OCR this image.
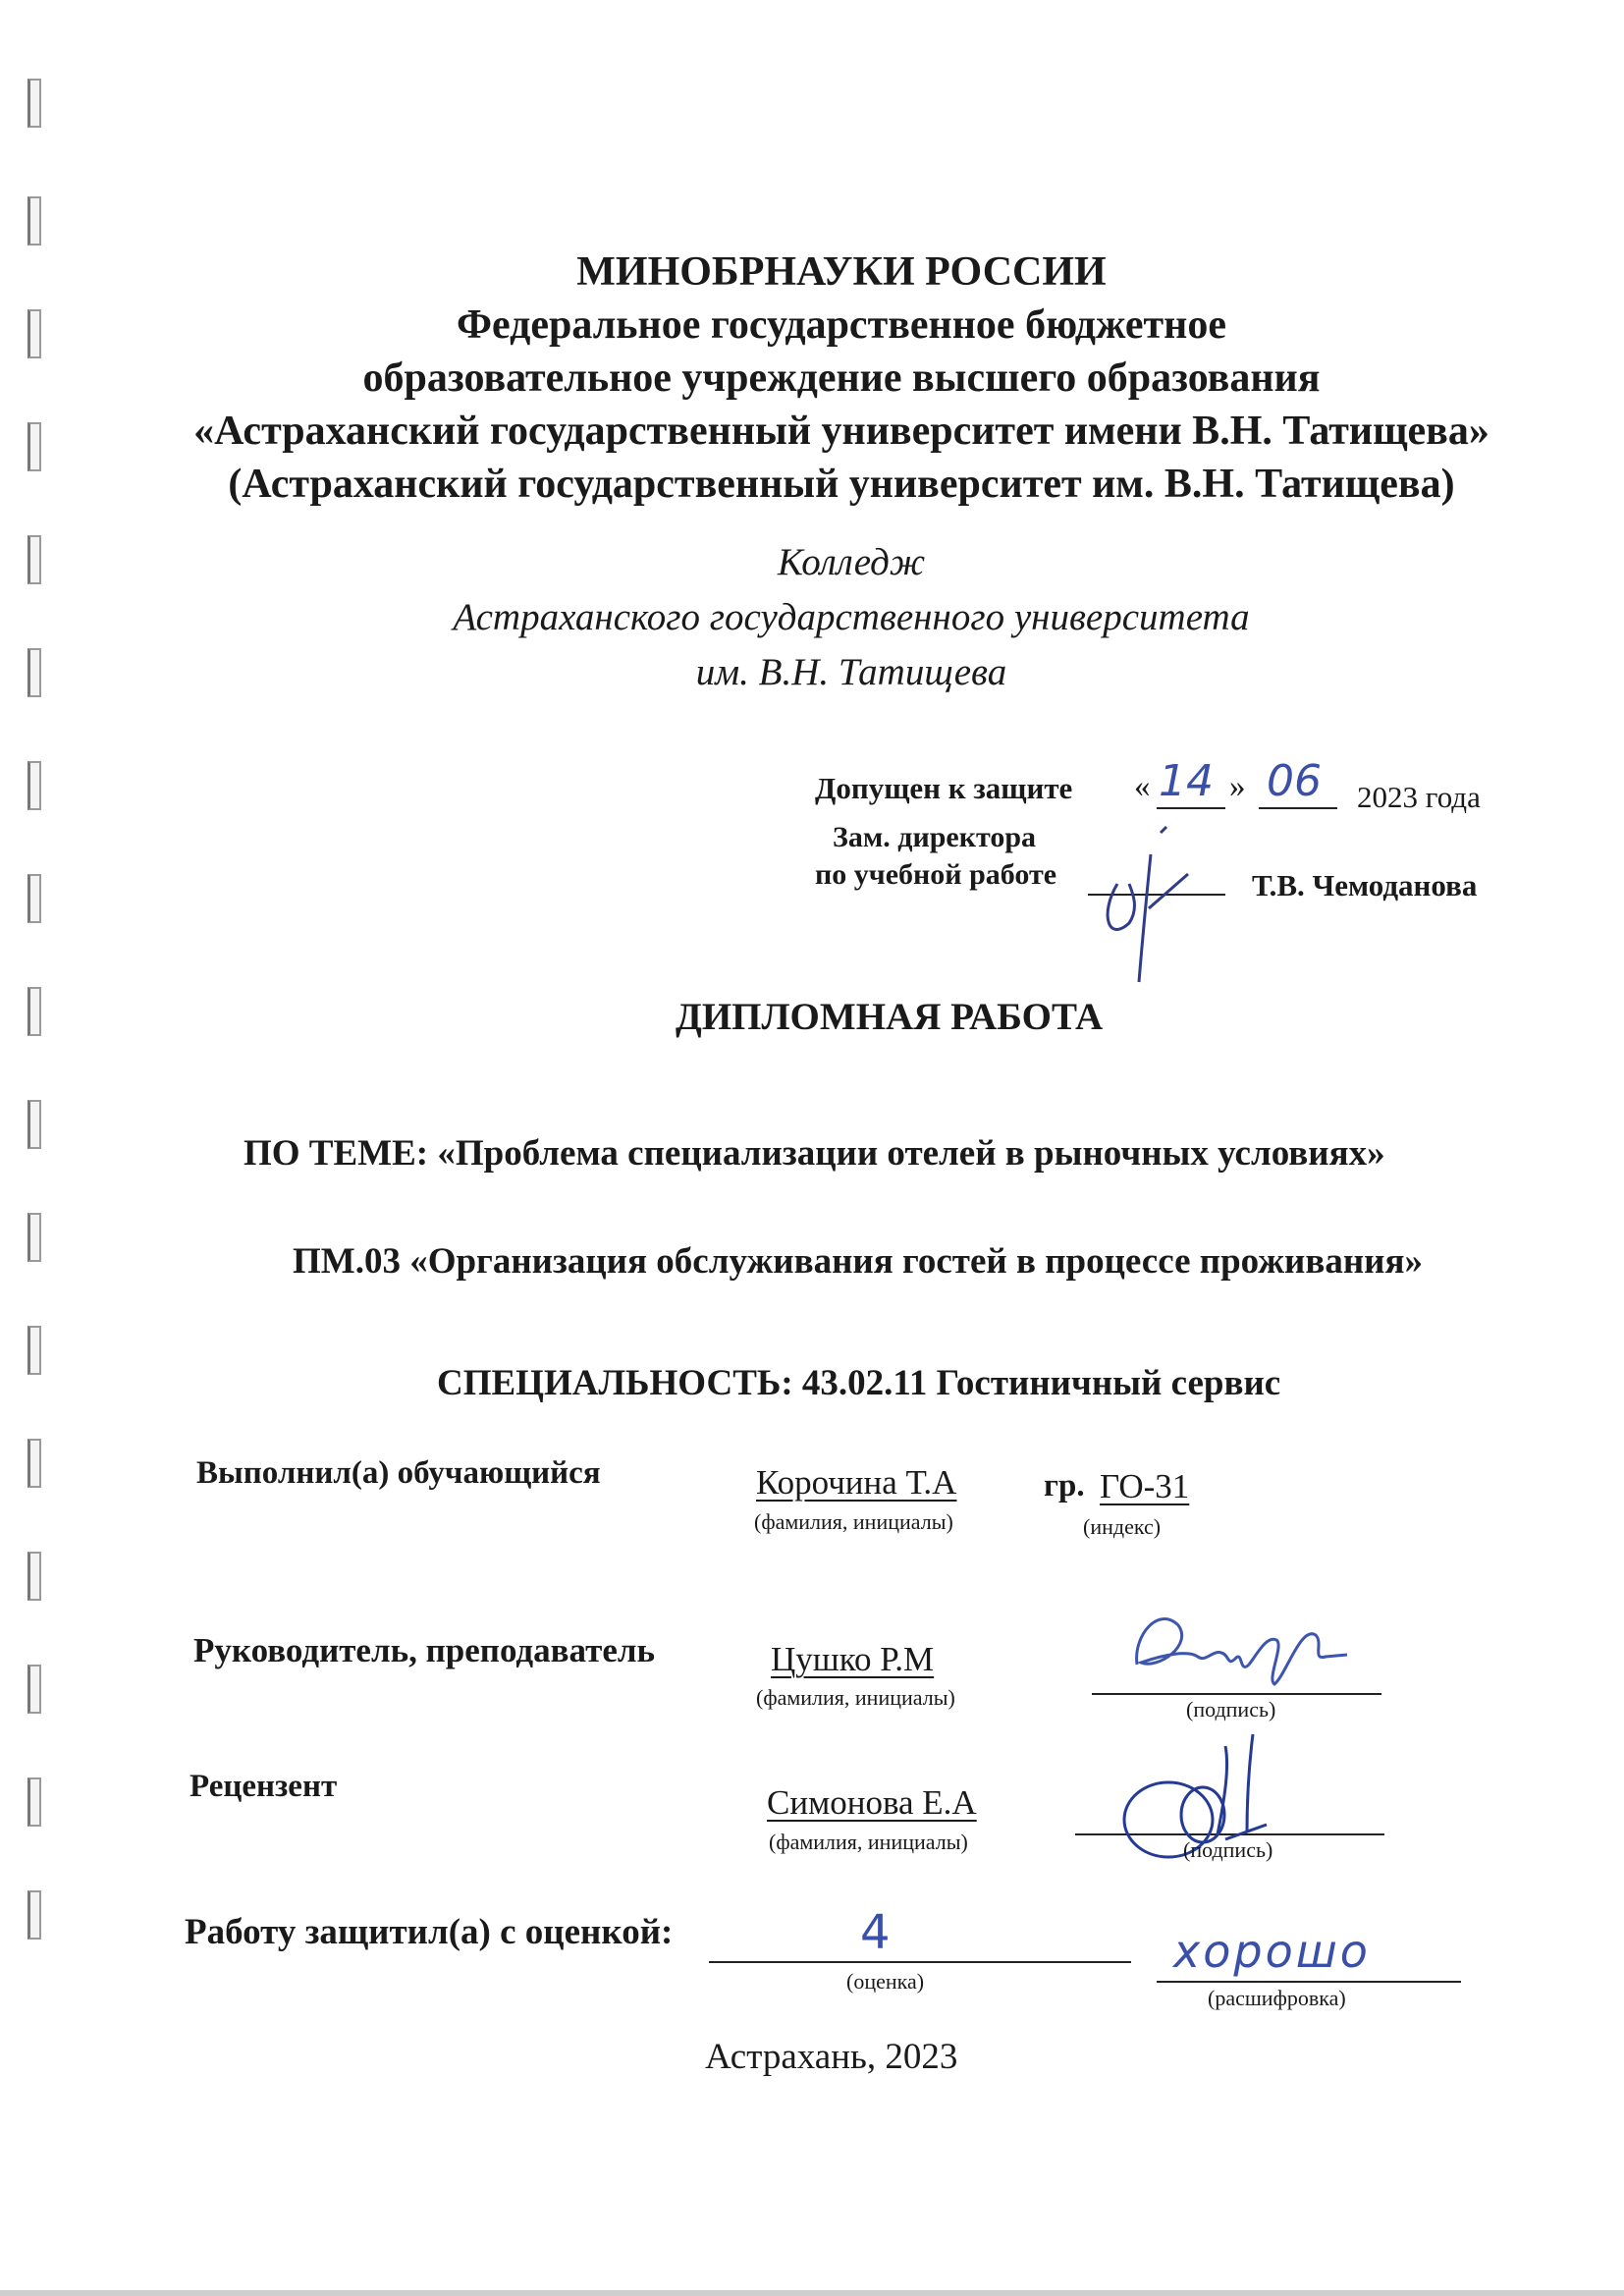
МИНОБРНАУКИ РОССИИ
Федеральное государственное бюджетное
образовательное учреждение высшего образования
«Астраханский государственный университет имени В.Н. Татищева»
(Астраханский государственный университет им. В.Н. Татищева)
Колледж
Астраханского государственного университета
им. В.Н. Татищева
Допущен к защите « 14 » 06 2023 года
Зам. директора
по учебной работе	Т.В. Чемоданова
ДИПЛОМНАЯ РАБОТА
ПО ТЕМЕ: «Проблема специализации отелей в рыночных условиях»
ПМ.03 «Организация обслуживания гостей в процессе проживания»
СПЕЦИАЛЬНОСТЬ: 43.02.11 Гостиничный сервис
Выполнил(а) обучающийся	Корочина Т.А
(фамилия, инициалы)
гр. ГО-31
(индекс)
Руководитель, преподаватель	Цушко Р.М
(фамилия, инициалы)	(подпись)
Рецензент	Симонова Е.А
(фамилия, инициалы)	(подпись)
Работу защитил(а) с оценкой:	4
(оценка)
хорошо
(расшифровка)
Астрахань, 2023
